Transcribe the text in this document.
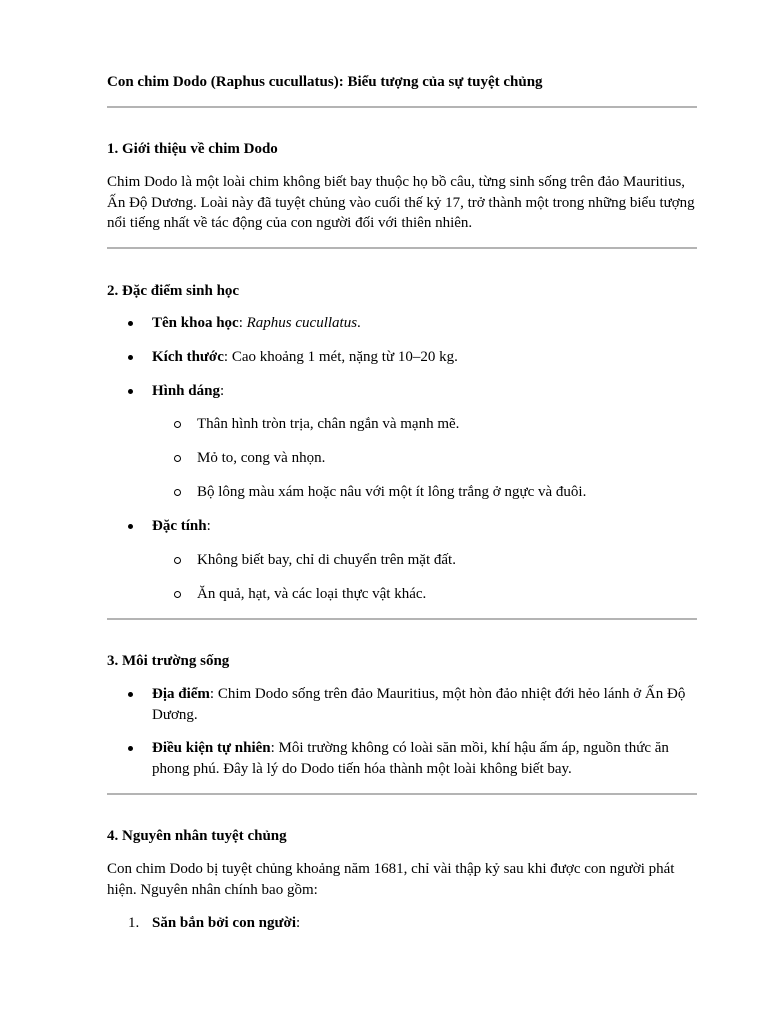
Con chim Dodo (Raphus cucullatus): Biểu tượng của sự tuyệt chủng
1. Giới thiệu về chim Dodo

Chim Dodo là một loài chim không biết bay thuộc họ bồ câu, từng sinh sống trên đảo Mauritius, Ấn Độ Dương. Loài này đã tuyệt chủng vào cuối thế kỷ 17, trở thành một trong những biểu tượng nổi tiếng nhất về tác động của con người đối với thiên nhiên.

2. Đặc điểm sinh học
Tên khoa học: Raphus cucullatus.
Kích thước: Cao khoảng 1 mét, nặng từ 10–20 kg.
Hình dáng:
Thân hình tròn trịa, chân ngắn và mạnh mẽ.
Mỏ to, cong và nhọn.
Bộ lông màu xám hoặc nâu với một ít lông trắng ở ngực và đuôi.
Đặc tính:
Không biết bay, chỉ di chuyển trên mặt đất.
Ăn quả, hạt, và các loại thực vật khác.
3. Môi trường sống
Địa điểm: Chim Dodo sống trên đảo Mauritius, một hòn đảo nhiệt đới hẻo lánh ở Ấn Độ Dương.
Điều kiện tự nhiên: Môi trường không có loài săn mồi, khí hậu ấm áp, nguồn thức ăn phong phú. Đây là lý do Dodo tiến hóa thành một loài không biết bay.
4. Nguyên nhân tuyệt chủng

Con chim Dodo bị tuyệt chủng khoảng năm 1681, chỉ vài thập kỷ sau khi được con người phát hiện. Nguyên nhân chính bao gồm:

1. Săn bắn bởi con người:
